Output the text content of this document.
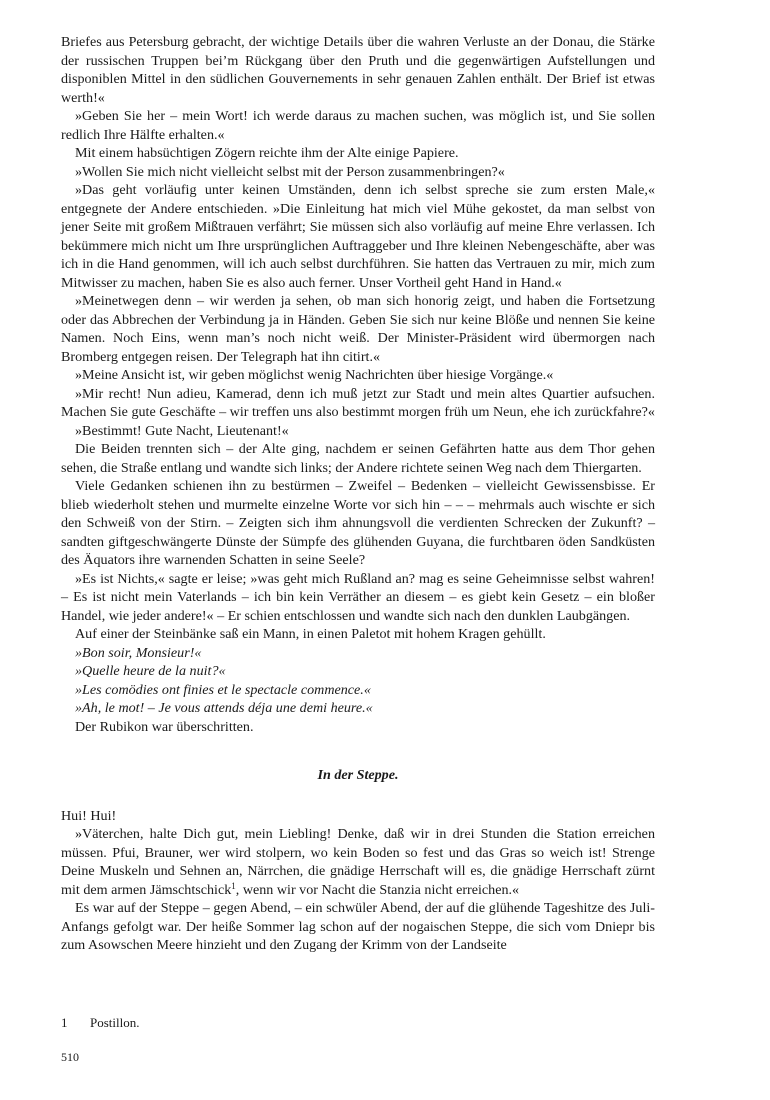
Briefes aus Petersburg gebracht, der wichtige Details über die wahren Verluste an der Donau, die Stärke der russischen Truppen bei’m Rückgang über den Pruth und die gegenwärtigen Aufstellungen und disponiblen Mittel in den südlichen Gouvernements in sehr genauen Zahlen enthält. Der Brief ist etwas werth!«

»Geben Sie her – mein Wort! ich werde daraus zu machen suchen, was möglich ist, und Sie sollen redlich Ihre Hälfte erhalten.«

Mit einem habsüchtigen Zögern reichte ihm der Alte einige Papiere.

»Wollen Sie mich nicht vielleicht selbst mit der Person zusammenbringen?«

»Das geht vorläufig unter keinen Umständen, denn ich selbst spreche sie zum ersten Male,« entgegnete der Andere entschieden. »Die Einleitung hat mich viel Mühe gekostet, da man selbst von jener Seite mit großem Mißtrauen verfährt; Sie müssen sich also vorläufig auf meine Ehre verlassen. Ich bekümmere mich nicht um Ihre ursprünglichen Auftraggeber und Ihre kleinen Nebengeschäfte, aber was ich in die Hand genommen, will ich auch selbst durchführen. Sie hatten das Vertrauen zu mir, mich zum Mitwisser zu machen, haben Sie es also auch ferner. Unser Vortheil geht Hand in Hand.«

»Meinetwegen denn – wir werden ja sehen, ob man sich honorig zeigt, und haben die Fortsetzung oder das Abbrechen der Verbindung ja in Händen. Geben Sie sich nur keine Blöße und nennen Sie keine Namen. Noch Eins, wenn man’s noch nicht weiß. Der Minister-Präsident wird übermorgen nach Bromberg entgegen reisen. Der Telegraph hat ihn citirt.«

»Meine Ansicht ist, wir geben möglichst wenig Nachrichten über hiesige Vorgänge.«

»Mir recht! Nun adieu, Kamerad, denn ich muß jetzt zur Stadt und mein altes Quartier aufsuchen. Machen Sie gute Geschäfte – wir treffen uns also bestimmt morgen früh um Neun, ehe ich zurückfahre?«

»Bestimmt! Gute Nacht, Lieutenant!«

Die Beiden trennten sich – der Alte ging, nachdem er seinen Gefährten hatte aus dem Thor gehen sehen, die Straße entlang und wandte sich links; der Andere richtete seinen Weg nach dem Thiergarten.

Viele Gedanken schienen ihn zu bestürmen – Zweifel – Bedenken – vielleicht Gewissensbisse. Er blieb wiederholt stehen und murmelte einzelne Worte vor sich hin – – – mehrmals auch wischte er sich den Schweiß von der Stirn. – Zeigten sich ihm ahnungsvoll die verdienten Schrecken der Zukunft? – sandten giftgeschwängerte Dünste der Sümpfe des glühenden Guyana, die furchtbaren öden Sandküsten des Äquators ihre warnenden Schatten in seine Seele?

»Es ist Nichts,« sagte er leise; »was geht mich Rußland an? mag es seine Geheimnisse selbst wahren! – Es ist nicht mein Vaterlands – ich bin kein Verräther an diesem – es giebt kein Gesetz – ein bloßer Handel, wie jeder andere!« – Er schien entschlossen und wandte sich nach den dunklen Laubgängen.

Auf einer der Steinbänke saß ein Mann, in einen Paletot mit hohem Kragen gehüllt.

»Bon soir, Monsieur!«

»Quelle heure de la nuit?«

»Les comödies ont finies et le spectacle commence.«

»Ah, le mot! – Je vous attends déja une demi heure.«

Der Rubikon war überschritten.

In der Steppe.

Hui! Hui!

»Väterchen, halte Dich gut, mein Liebling! Denke, daß wir in drei Stunden die Station erreichen müssen. Pfui, Brauner, wer wird stolpern, wo kein Boden so fest und das Gras so weich ist! Strenge Deine Muskeln und Sehnen an, Närrchen, die gnädige Herrschaft will es, die gnädige Herrschaft zürnt mit dem armen Jämschtschick$^1$, wenn wir vor Nacht die Stanzia nicht erreichen.«

Es war auf der Steppe – gegen Abend, – ein schwüler Abend, der auf die glühende Tageshitze des Juli-Anfangs gefolgt war. Der heiße Sommer lag schon auf der nogaischen Steppe, die sich vom Dniepr bis zum Asowschen Meere hinzieht und den Zugang der Krimm von der Landseite

1 Postillon.
510
